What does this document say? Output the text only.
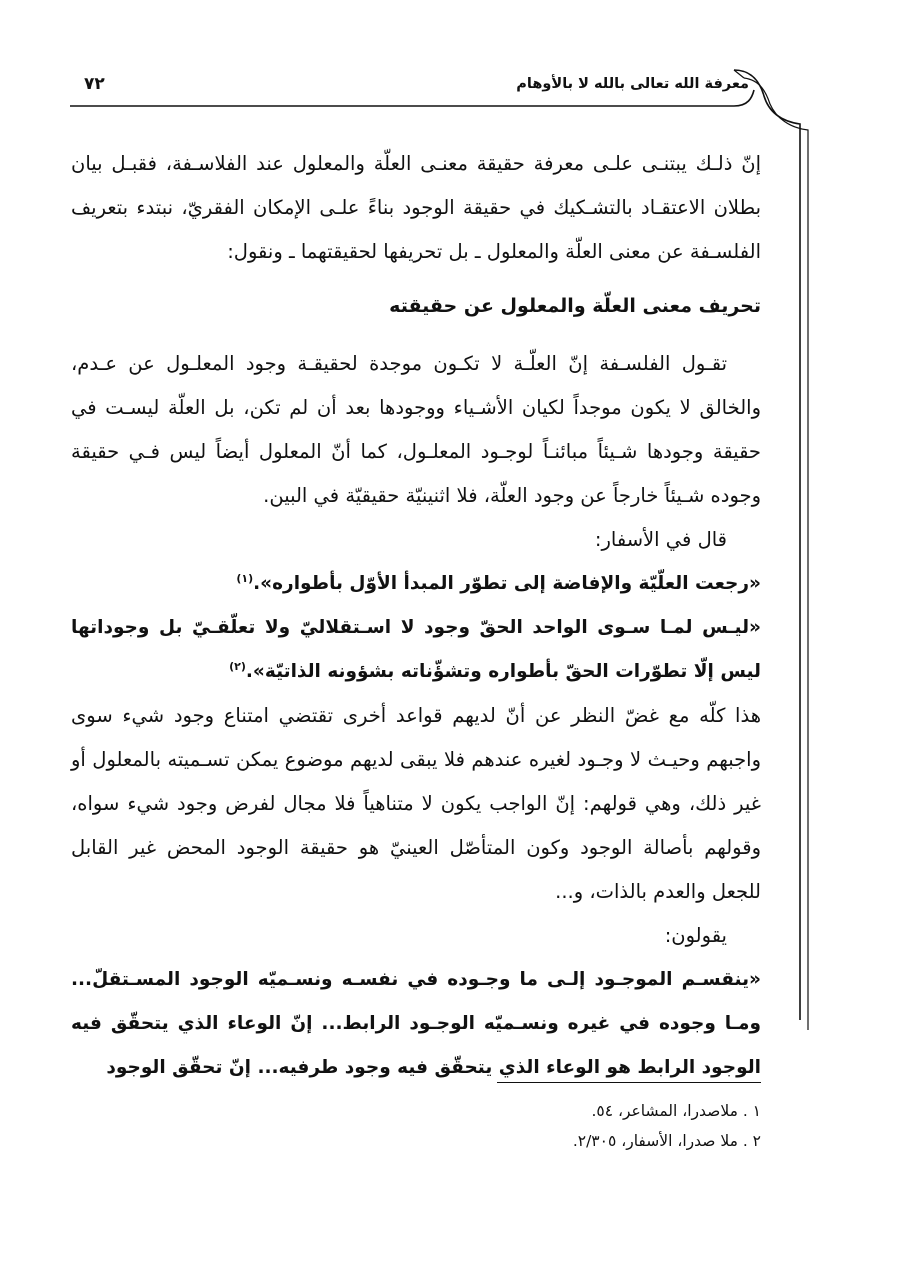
معرفة الله تعالى بالله لا بالأوهام
٧٢

إنّ ذلـك يبتنـى علـى معرفة حقيقة معنـى العلّة والمعلول عند الفلاسـفة، فقبـل بيان بطلان الاعتقـاد بالتشـكيك في حقيقة الوجود بناءً علـى الإمكان الفقريّ، نبتدء بتعريف الفلسـفة عن معنى العلّة والمعلول ـ بل تحريفها لحقيقتهما ـ ونقول:

تحريف معنى العلّة والمعلول عن حقيقته

تقـول الفلسـفة إنّ العلّـة لا تكـون موجدة لحقيقـة وجود المعلـول عن عـدم، والخالق لا يكون موجداً لكيان الأشـياء ووجودها بعد أن لم تكن، بل العلّة ليسـت في حقيقة وجودها شـيئاً مبائنـاً لوجـود المعلـول، كما أنّ المعلول أيضاً ليس فـي حقيقة وجوده شـيئاً خارجاً عن وجود العلّة، فلا اثنينيّة حقيقيّة في البين.

قال في الأسفار:

«رجعت العلّيّة والإفاضة إلى تطوّر المبدأ الأوّل بأطواره».$^{(١)}$

«ليـس لمـا سـوى الواحد الحقّ وجود لا اسـتقلاليّ ولا تعلّقـيّ بل وجوداتها ليس إلّا تطوّرات الحقّ بأطواره وتشؤّناته بشؤونه الذاتيّة».$^{(٢)}$

هذا كلّه مع غضّ النظر عن أنّ لديهم قواعد أخرى تقتضي امتناع وجود شيء سوى واجبهم وحيـث لا وجـود لغيره عندهم فلا يبقى لديهم موضوع يمكن تسـميته بالمعلول أو غير ذلك، وهي قولهم: إنّ الواجب يكون لا متناهياً فلا مجال لفرض وجود شيء سواه، وقولهم بأصالة الوجود وكون المتأصّل العينيّ هو حقيقة الوجود المحض غير القابل للجعل والعدم بالذات، و...

يقولون:

«ينقسـم الموجـود إلـى ما وجـوده في نفسـه ونسـميّه الوجود المسـتقلّ... ومـا وجوده في غيره ونسـميّه الوجـود الرابط... إنّ الوعاء الذي يتحقّق فيه الوجود الرابط هو الوعاء الذي يتحقّق فيه وجود طرفيه... إنّ تحقّق الوجود

١ . ملاصدرا، المشاعر، ٥٤.
٢ . ملا صدرا، الأسفار، ٢/٣٠٥.
